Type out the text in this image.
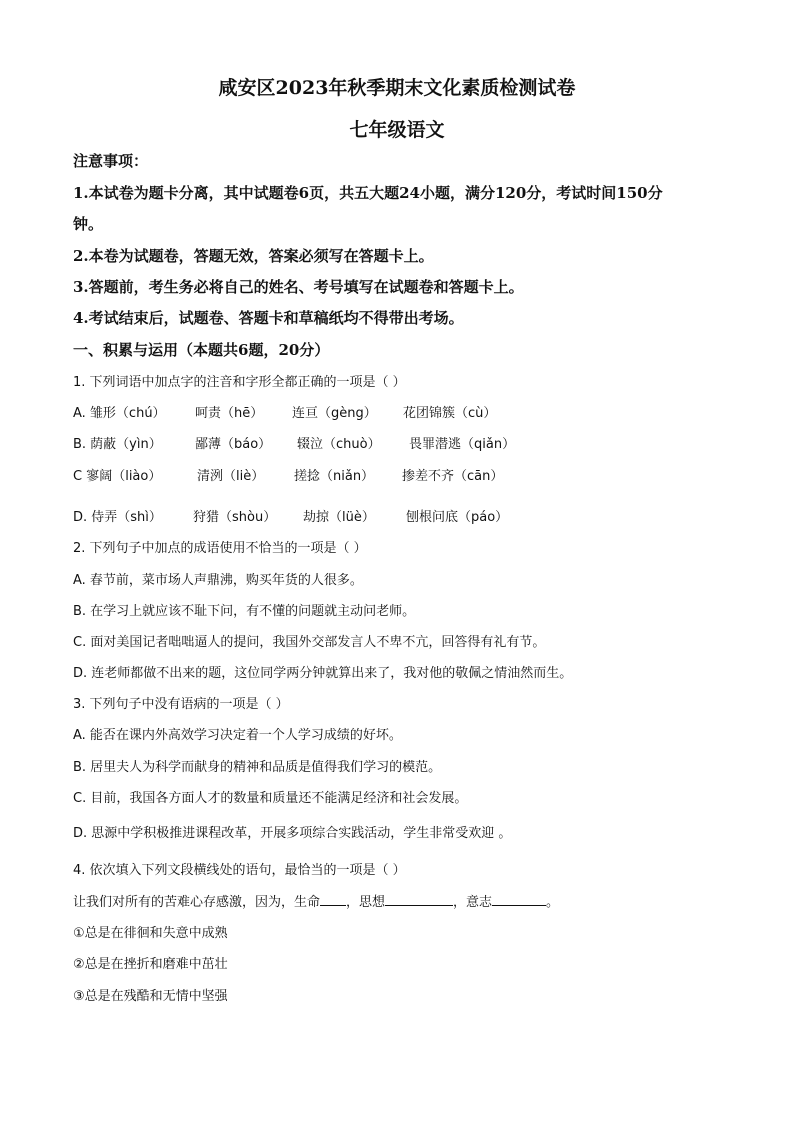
咸安区2023年秋季期末文化素质检测试卷
七年级语文
注意事项：
1.本试卷为题卡分离，其中试题卷6页，共五大题24小题，满分120分，考试时间150分
钟。
2.本卷为试题卷，答题无效，答案必须写在答题卡上。
3.答题前，考生务必将自己的姓名、考号填写在试题卷和答题卡上。
4.考试结束后，试题卷、答题卡和草稿纸均不得带出考场。
一、积累与运用（本题共6题，20分）
1. 下列词语中加点字的注音和字形全都正确的一项是（ ）
A. 雏形（chú） 呵责（hē） 连亘（gèng） 花团锦簇（cù）
B. 荫蔽（yìn）	鄙薄（báo） 辍泣（chuò） 畏罪潜逃（qiǎn）
C 寥阔（liào）	清洌（liè） 搓捻（niǎn） 掺差不齐（cān）
D. 侍弄（shì） 狩猎（shòu） 劫掠（lüè） 刨根问底（páo）
2. 下列句子中加点的成语使用不恰当的一项是（ ）
A. 春节前，菜市场人声鼎沸，购买年货的人很多。
B. 在学习上就应该不耻下问，有不懂的问题就主动问老师。
C. 面对美国记者咄咄逼人的提问，我国外交部发言人不卑不亢，回答得有礼有节。
D. 连老师都做不出来的题，这位同学两分钟就算出来了，我对他的敬佩之情油然而生。
3. 下列句子中没有语病的一项是（ ）
A. 能否在课内外高效学习决定着一个人学习成绩的好坏。
B. 居里夫人为科学而献身的精神和品质是值得我们学习的模范。
C. 目前，我国各方面人才的数量和质量还不能满足经济和社会发展。
D. 思源中学积极推进课程改革，开展多项综合实践活动，学生非常受欢迎 。
4. 依次填入下列文段横线处的语句，最恰当的一项是（ ）
让我们对所有的苦难心存感激，因为，生命 ，思想	，意志	。
①总是在徘徊和失意中成熟
②总是在挫折和磨难中茁壮
③总是在残酷和无情中坚强
